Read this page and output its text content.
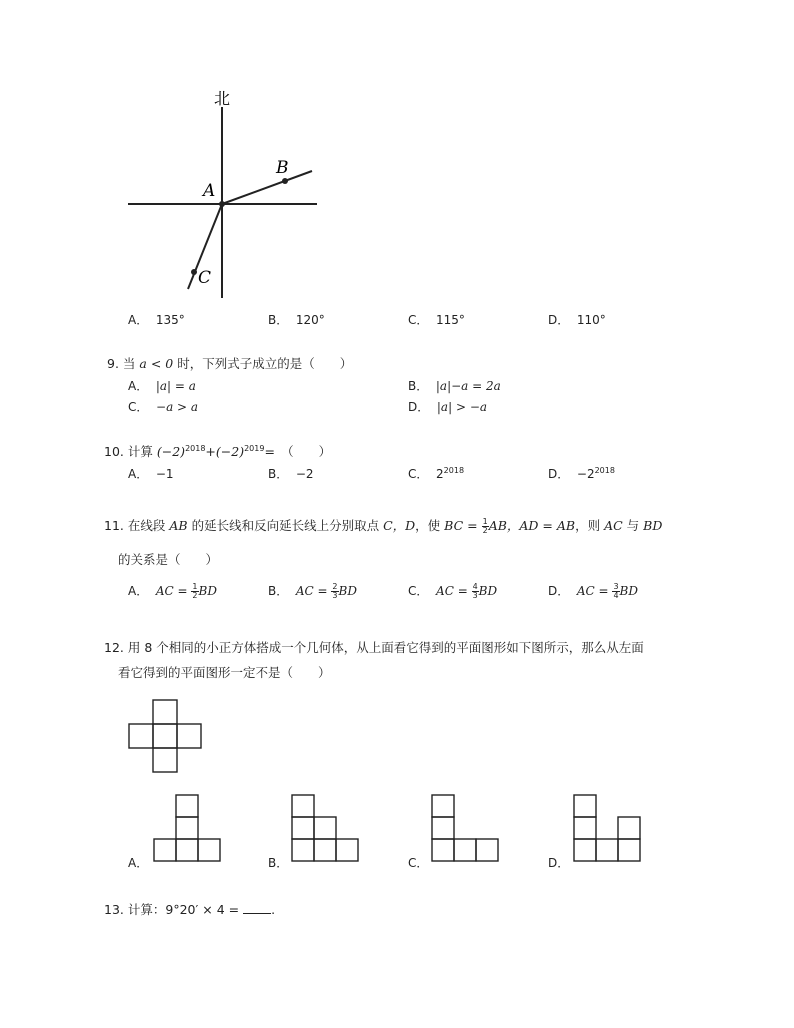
北
A
B
C
A． 135°	B． 120°	C． 115°	D． 110°
9. 当 a < 0 时，下列式子成立的是（　　）
A． |a| = a	B． |a|−a = 2a
C． −a > a	D． |a| > −a
10. 计算 $(-2)^{2018}+(-2)^{2019}=$　（　　）
A． −1	B． −2	C． $2^{2018}$	D． $-2^{2018}$
11. 在线段 AB 的延长线和反向延长线上分别取点 C，D，使 BC = $\frac{1}{2}$ AB，AD = AB，则 AC 与 BD
的关系是（　　）
A． AC = $\frac{1}{2}$ BD	B． AC = $\frac{2}{3}$ BD	C． AC = $\frac{4}{3}$ BD	D． AC = $\frac{3}{4}$ BD
12. 用 8 个相同的小正方体搭成一个几何体，从上面看它得到的平面图形如下图所示，那么从左面
看它得到的平面图形一定不是（　　）
A．	B．	C．	D．
13. 计算：9°20′ × 4 =	.
